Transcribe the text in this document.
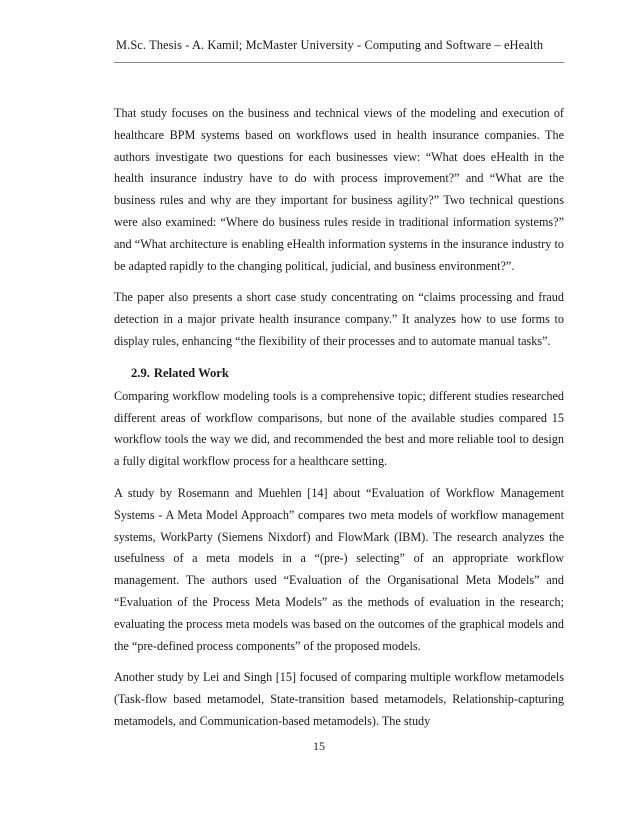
M.Sc. Thesis - A. Kamil; McMaster University - Computing and Software – eHealth

That study focuses on the business and technical views of the modeling and execution of healthcare BPM systems based on workflows used in health insurance companies. The authors investigate two questions for each businesses view: “What does eHealth in the health insurance industry have to do with process improvement?” and “What are the business rules and why are they important for business agility?” Two technical questions were also examined: “Where do business rules reside in traditional information systems?” and “What architecture is enabling eHealth information systems in the insurance industry to be adapted rapidly to the changing political, judicial, and business environment?”.

The paper also presents a short case study concentrating on “claims processing and fraud detection in a major private health insurance company.” It analyzes how to use forms to display rules, enhancing “the flexibility of their processes and to automate manual tasks”.

2.9. Related Work

Comparing workflow modeling tools is a comprehensive topic; different studies researched different areas of workflow comparisons, but none of the available studies compared 15 workflow tools the way we did, and recommended the best and more reliable tool to design a fully digital workflow process for a healthcare setting.

A study by Rosemann and Muehlen [14] about “Evaluation of Workflow Management Systems - A Meta Model Approach” compares two meta models of workflow management systems, WorkParty (Siemens Nixdorf) and FlowMark (IBM). The research analyzes the usefulness of a meta models in a “(pre-) selecting” of an appropriate workflow management. The authors used “Evaluation of the Organisational Meta Models” and “Evaluation of the Process Meta Models” as the methods of evaluation in the research; evaluating the process meta models was based on the outcomes of the graphical models and the “pre-defined process components” of the proposed models.

Another study by Lei and Singh [15] focused of comparing multiple workflow metamodels (Task-flow based metamodel, State-transition based metamodels, Relationship-capturing metamodels, and Communication-based metamodels). The study

15
